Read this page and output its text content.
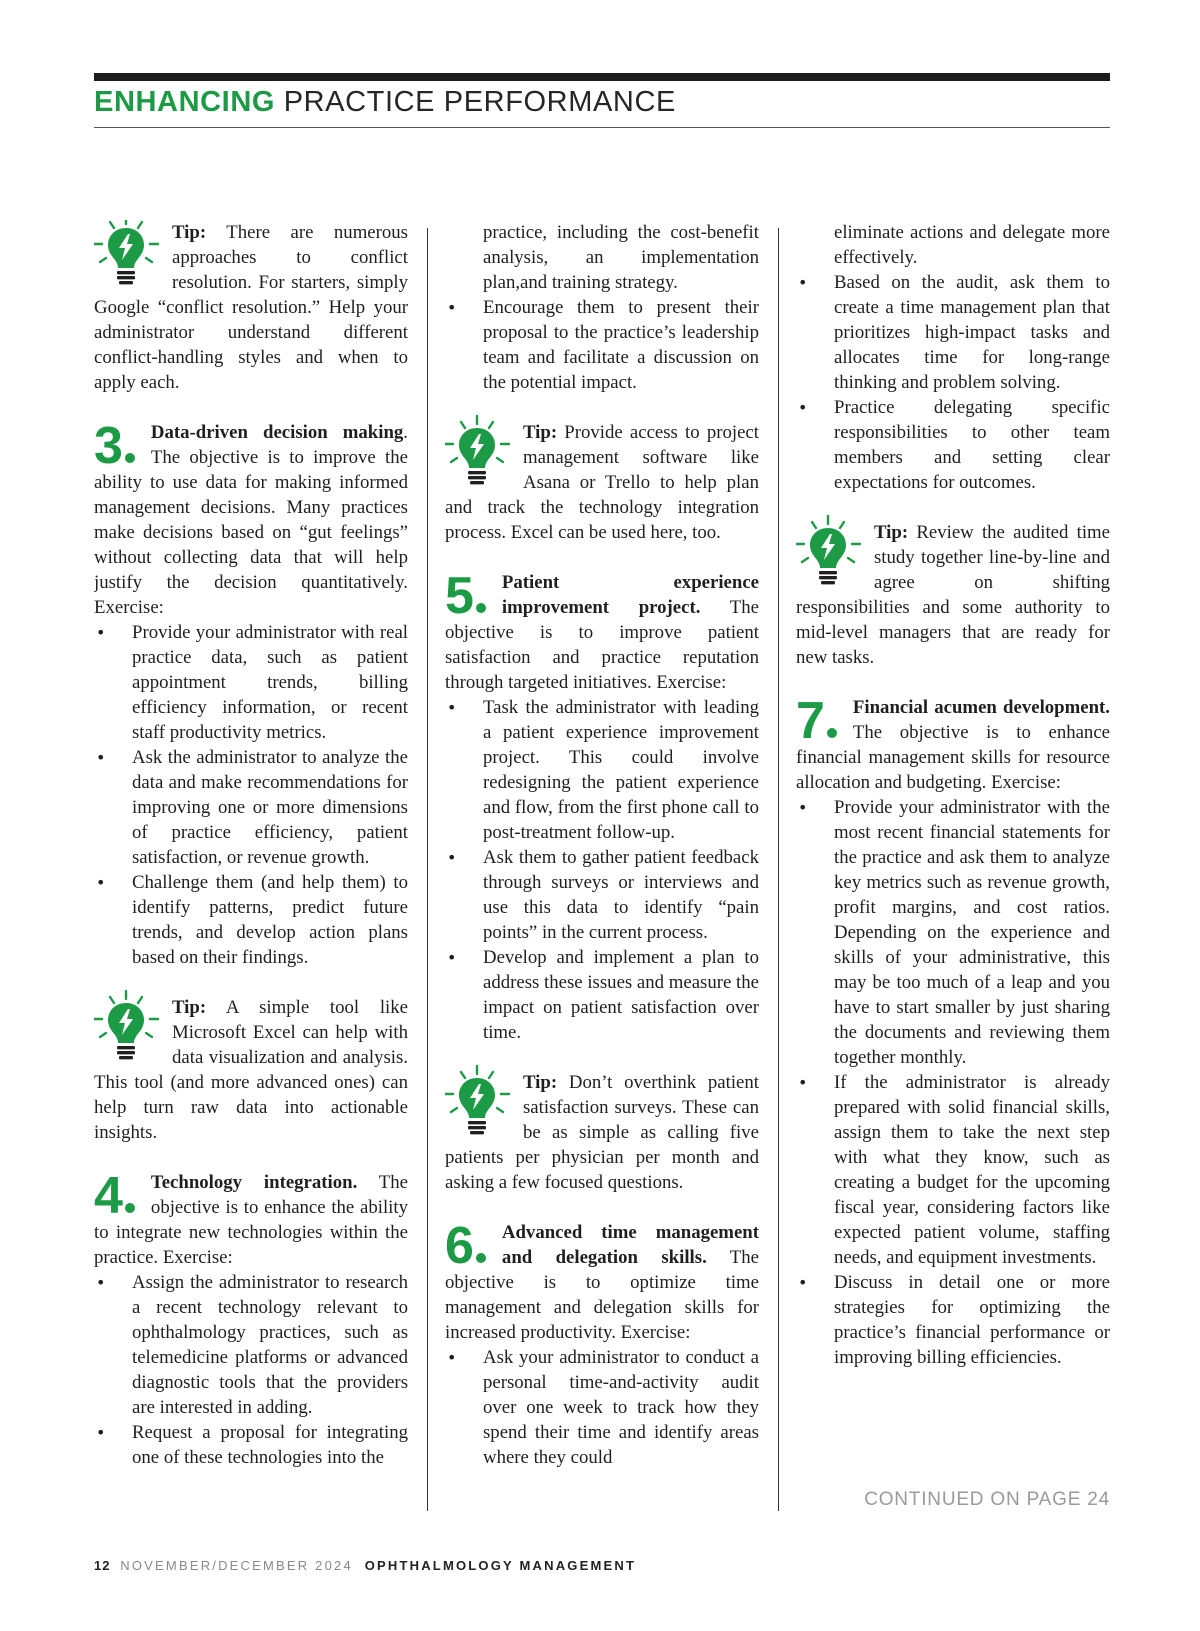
ENHANCING PRACTICE PERFORMANCE

Tip: There are numerous approaches to conflict resolution. For starters, simply Google “conflict resolution.” Help your administrator understand different conflict-handling styles and when to apply each.

3	Data-driven decision making. The objective is to improve the ability to use data for making informed management decisions. Many practices make decisions based on “gut feelings” without collecting data that will help justify the decision quantitatively. Exercise:

• Provide your administrator with real practice data, such as patient appointment trends, billing efficiency information, or recent staff productivity metrics.
• Ask the administrator to analyze the data and make recommendations for improving one or more dimensions of practice efficiency, patient satisfaction, or revenue growth.
• Challenge them (and help them) to identify patterns, predict future trends, and develop action plans based on their findings.

Tip: A simple tool like Microsoft Excel can help with data visualization and analysis. This tool (and more advanced ones) can help turn raw data into actionable insights.

4	Technology integration. The objective is to enhance the ability to integrate new technologies within the practice. Exercise:

• Assign the administrator to research a recent technology relevant to ophthalmology practices, such as telemedicine platforms or advanced diagnostic tools that the providers are interested in adding.
• Request a proposal for integrating one of these technologies into the

practice, including the cost-benefit analysis, an implementation plan,and training strategy.

• Encourage them to present their proposal to the practice’s leadership team and facilitate a discussion on the potential impact.

Tip: Provide access to project management software like Asana or Trello to help plan and track the technology integration process. Excel can be used here, too.

5	Patient experience improvement project. The objective is to improve patient satisfaction and practice reputation through targeted initiatives. Exercise:

• Task the administrator with leading a patient experience improvement project. This could involve redesigning the patient experience and flow, from the first phone call to post-treatment follow-up.
• Ask them to gather patient feedback through surveys or interviews and use this data to identify “pain points” in the current process.
• Develop and implement a plan to address these issues and measure the impact on patient satisfaction over time.

Tip: Don’t overthink patient satisfaction surveys. These can be as simple as calling five patients per physician per month and asking a few focused questions.

6	Advanced time management and delegation skills. The objective is to optimize time management and delegation skills for increased productivity. Exercise:

• Ask your administrator to conduct a personal time-and-activity audit over one week to track how they spend their time and identify areas where they could

eliminate actions and delegate more effectively.

• Based on the audit, ask them to create a time management plan that prioritizes high-impact tasks and allocates time for long-range thinking and problem solving.
• Practice delegating specific responsibilities to other team members and setting clear expectations for outcomes.

Tip: Review the audited time study together line-by-line and agree on shifting responsibilities and some authority to mid-level managers that are ready for new tasks.

7	Financial acumen development. The objective is to enhance financial management skills for resource allocation and budgeting. Exercise:

• Provide your administrator with the most recent financial statements for the practice and ask them to analyze key metrics such as revenue growth, profit margins, and cost ratios. Depending on the experience and skills of your administrative, this may be too much of a leap and you have to start smaller by just sharing the documents and reviewing them together monthly.
• If the administrator is already prepared with solid financial skills, assign them to take the next step with what they know, such as creating a budget for the upcoming fiscal year, considering factors like expected patient volume, staffing needs, and equipment investments.
• Discuss in detail one or more strategies for optimizing the practice’s financial performance or improving billing efficiencies.
CONTINUED ON PAGE 24
12 NOVEMBER/DECEMBER 2024 OPHTHALMOLOGY MANAGEMENT
